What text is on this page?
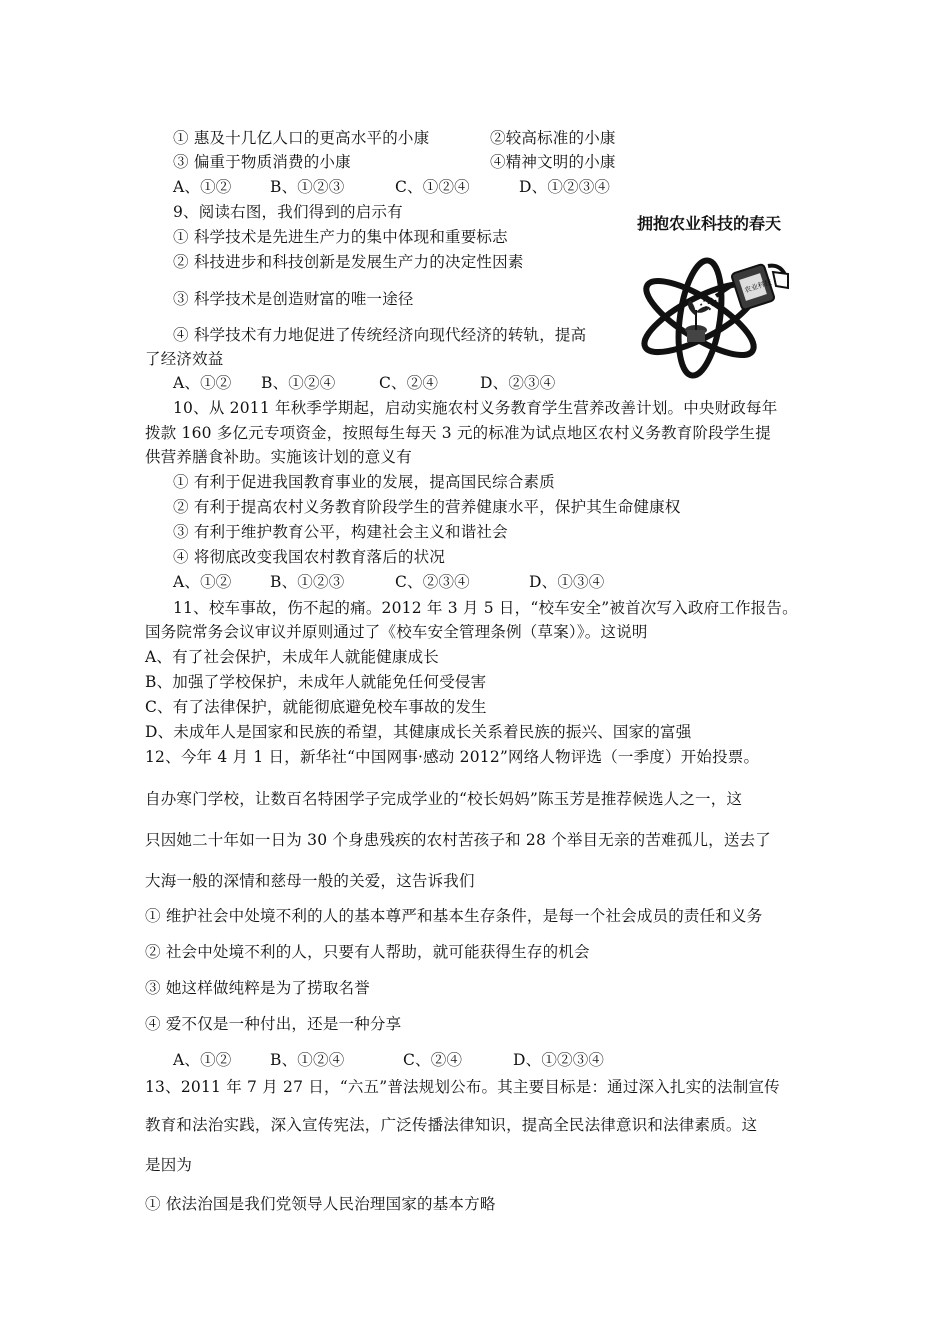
① 惠及十几亿人口的更高水平的小康	②较高标准的小康
③ 偏重于物质消费的小康	④精神文明的小康
A、①② B、①②③	C、①②④	D、①②③④
9、阅读右图，我们得到的启示有
① 科学技术是先进生产力的集中体现和重要标志
② 科技进步和科技创新是发展生产力的决定性因素
③ 科学技术是创造财富的唯一途径
④ 科学技术有力地促进了传统经济向现代经济的转轨，提高
了经济效益
A、①② B、①②④	C、②④	D、②③④
拥抱农业科技的春天
农业科技
10、从 2011 年秋季学期起，启动实施农村义务教育学生营养改善计划。中央财政每年
拨款 160 多亿元专项资金，按照每生每天 3 元的标准为试点地区农村义务教育阶段学生提
供营养膳食补助。实施该计划的意义有
① 有利于促进我国教育事业的发展，提高国民综合素质
② 有利于提高农村义务教育阶段学生的营养健康水平，保护其生命健康权
③ 有利于维护教育公平，构建社会主义和谐社会
④ 将彻底改变我国农村教育落后的状况
A、①② B、①②③	C、②③④	D、①③④
11、校车事故，伤不起的痛。2012 年 3 月 5 日，“校车安全”被首次写入政府工作报告。
国务院常务会议审议并原则通过了《校车安全管理条例（草案）》。这说明
A、有了社会保护，未成年人就能健康成长
B、加强了学校保护，未成年人就能免任何受侵害
C、有了法律保护，就能彻底避免校车事故的发生
D、未成年人是国家和民族的希望，其健康成长关系着民族的振兴、国家的富强
12、今年 4 月 1 日，新华社“中国网事·感动 2012”网络人物评选（一季度）开始投票。
自办寒门学校，让数百名特困学子完成学业的“校长妈妈”陈玉芳是推荐候选人之一，这
只因她二十年如一日为 30 个身患残疾的农村苦孩子和 28 个举目无亲的苦难孤儿，送去了
大海一般的深情和慈母一般的关爱，这告诉我们
① 维护社会中处境不利的人的基本尊严和基本生存条件，是每一个社会成员的责任和义务
② 社会中处境不利的人，只要有人帮助，就可能获得生存的机会
③ 她这样做纯粹是为了捞取名誉
④ 爱不仅是一种付出，还是一种分享
A、①② B、①②④	C、②④	D、①②③④
13、2011 年 7 月 27 日，“六五”普法规划公布。其主要目标是：通过深入扎实的法制宣传
教育和法治实践，深入宣传宪法，广泛传播法律知识，提高全民法律意识和法律素质。这
是因为
① 依法治国是我们党领导人民治理国家的基本方略
